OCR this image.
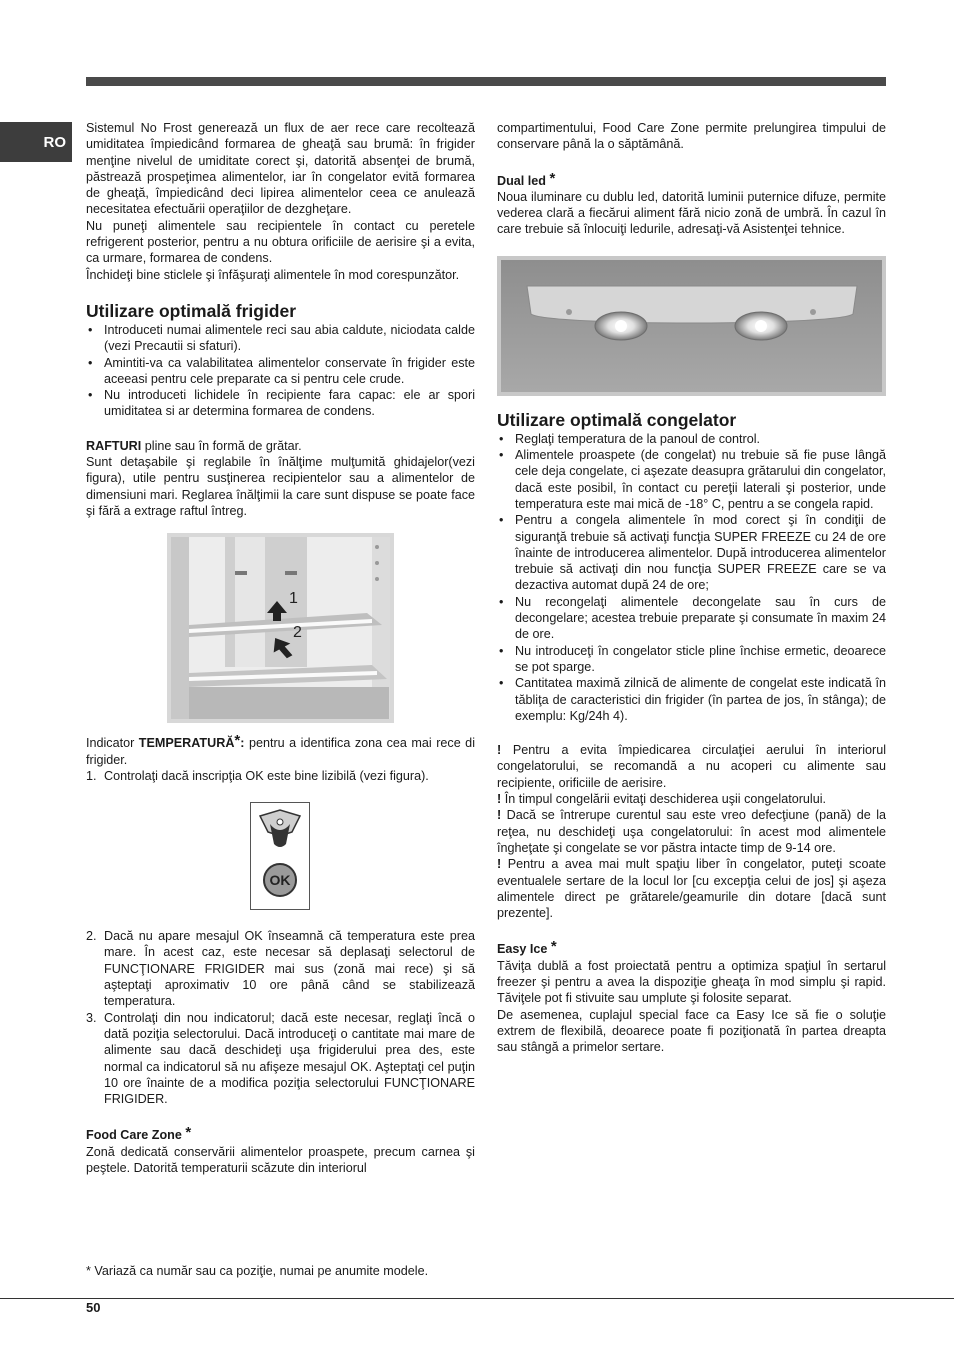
RO

Sistemul No Frost generează un flux de aer rece care recoltează umiditatea împiedicând formarea de gheaţă sau brumă: în frigider menţine nivelul de umiditate corect şi, datorită absenţei de brumă, păstrează prospeţimea alimentelor, iar în congelator evită formarea de gheaţă, împiedicând deci lipirea alimentelor ceea ce anulează necesitatea efectuării operaţiilor de dezgheţare.

Nu puneţi alimentele sau recipientele în contact cu peretele refrigerent posterior, pentru a nu obtura orificiile de aerisire şi a evita, ca urmare, formarea de condens.

Închideţi bine sticlele şi înfăşuraţi alimentele în mod corespunzător.

Utilizare optimală frigider
• Introduceti numai alimentele reci sau abia caldute, niciodata calde (vezi Precautii si sfaturi).
• Amintiti-va ca valabilitatea alimentelor conservate în frigider este aceeasi pentru cele preparate ca si pentru cele crude.
• Nu introduceti lichidele în recipiente fara capac: ele ar spori umiditatea si ar determina formarea de condens.

RAFTURI pline sau în formă de grătar.

Sunt detaşabile şi reglabile în înălţime mulţumită ghidajelor(vezi figura), utile pentru susţinerea recipientelor sau a alimentelor de dimensiuni mari. Reglarea înălţimii la care sunt dispuse se poate face şi fără a extrage raftul întreg.

1
2

Indicator TEMPERATURĂ*: pentru a identifica zona cea mai rece di frigider.

1. Controlaţi dacă inscripţia OK este bine lizibilă (vezi figura).
OK
2. Dacă nu apare mesajul OK înseamnă că temperatura este prea mare. În acest caz, este necesar să deplasaţi selectorul de FUNCŢIONARE FRIGIDER mai sus (zonă mai rece) şi să aşteptaţi aproximativ 10 ore până când se stabilizează temperatura.
3. Controlaţi din nou indicatorul; dacă este necesar, reglaţi încă o dată poziţia selectorului. Dacă introduceţi o cantitate mai mare de alimente sau dacă deschideţi uşa frigiderului prea des, este normal ca indicatorul să nu afişeze mesajul OK. Aşteptaţi cel puţin 10 ore înainte de a modifica poziţia selectorului FUNCŢIONARE FRIGIDER.

Food Care Zone *

Zonă dedicată conservării alimentelor proaspete, precum carnea şi peştele. Datorită temperaturii scăzute din interiorul

compartimentului, Food Care Zone permite prelungirea timpului de conservare până la o săptămână.

Dual led *

Noua iluminare cu dublu led, datorită luminii puternice difuze, permite vederea clară a fiecărui aliment fără nicio zonă de umbră. În cazul în care trebuie să înlocuiţi ledurile, adresaţi-vă Asistenţei tehnice.

Utilizare optimală congelator
• Reglaţi temperatura de la panoul de control.
• Alimentele proaspete (de congelat) nu trebuie să fie puse lângă cele deja congelate, ci aşezate deasupra grătarului din congelator, dacă este posibil, în contact cu pereţii laterali şi posterior, unde temperatura este mai mică de -18° C, pentru a se congela rapid.
• Pentru a congela alimentele în mod corect şi în condiţii de siguranţă trebuie să activaţi funcţia SUPER FREEZE cu 24 de ore înainte de introducerea alimentelor. După introducerea alimentelor trebuie să activaţi din nou funcţia SUPER FREEZE care se va dezactiva automat după 24 de ore;
• Nu recongelaţi alimentele decongelate sau în curs de decongelare; acestea trebuie preparate şi consumate în maxim 24 de ore.
• Nu introduceţi în congelator sticle pline închise ermetic, deoarece se pot sparge.
• Cantitatea maximă zilnică de alimente de congelat este indicată în tăbliţa de caracteristici din frigider (în partea de jos, în stânga); de exemplu: Kg/24h 4).

! Pentru a evita împiedicarea circulaţiei aerului în interiorul congelatorului, se recomandă a nu acoperi cu alimente sau recipiente, orificiile de aerisire.

! În timpul congelării evitaţi deschiderea uşii congelatorului.

! Dacă se întrerupe curentul sau este vreo defecţiune (pană) de la reţea, nu deschideţi uşa congelatorului: în acest mod alimentele îngheţate şi congelate se vor păstra intacte timp de 9-14 ore.

! Pentru a avea mai mult spaţiu liber în congelator, puteţi scoate eventualele sertare de la locul lor [cu excepţia celui de jos] şi aşeza alimentele direct pe grătarele/geamurile din dotare [dacă sunt prezente].

Easy Ice *

Tăviţa dublă a fost proiectată pentru a optimiza spaţiul în sertarul freezer şi pentru a avea la dispoziţie gheaţa în mod simplu şi rapid. Tăviţele pot fi stivuite sau umplute şi folosite separat.

De asemenea, cuplajul special face ca Easy Ice să fie o soluţie extrem de flexibilă, deoarece poate fi poziţionată în partea dreapta sau stângă a primelor sertare.

* Variază ca număr sau ca poziţie, numai pe anumite modele.
50
